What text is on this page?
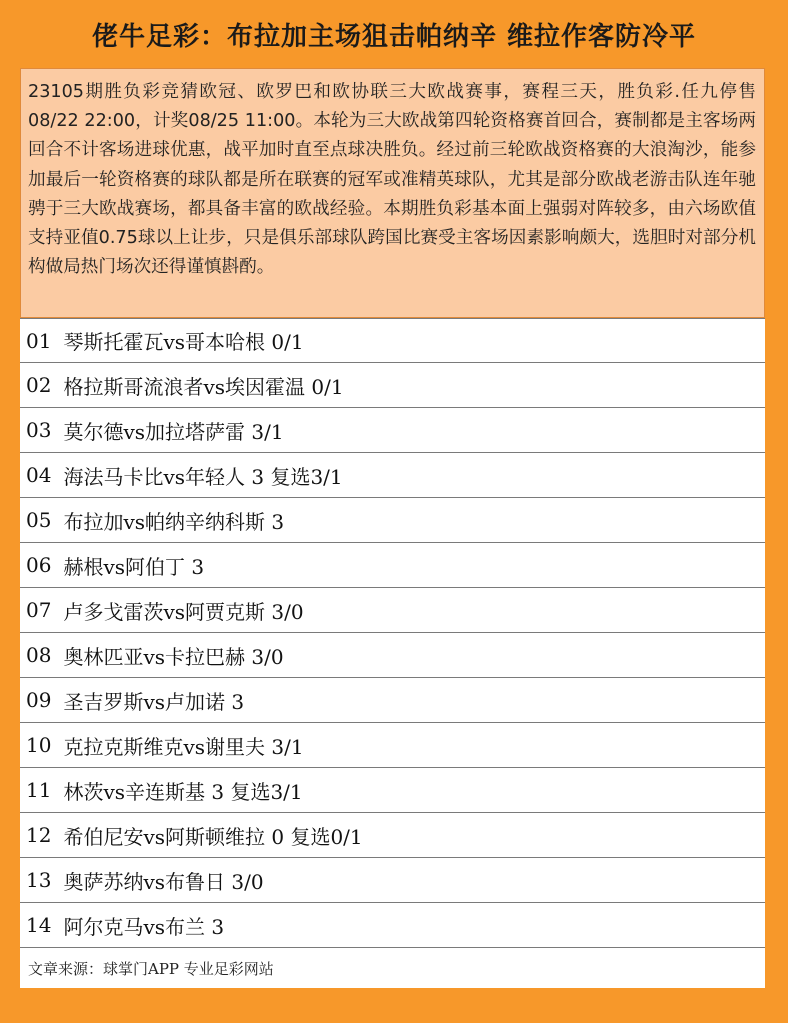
佬牛足彩：布拉加主场狙击帕纳辛 维拉作客防冷平
23105期胜负彩竞猜欧冠、欧罗巴和欧协联三大欧战赛事，赛程三天，胜负彩.任九停售08/22 22:00，计奖08/25 11:00。本轮为三大欧战第四轮资格赛首回合，赛制都是主客场两回合不计客场进球优惠，战平加时直至点球决胜负。经过前三轮欧战资格赛的大浪淘沙，能参加最后一轮资格赛的球队都是所在联赛的冠军或准精英球队，尤其是部分欧战老游击队连年驰骋于三大欧战赛场，都具备丰富的欧战经验。本期胜负彩基本面上强弱对阵较多，由六场欧值支持亚值0.75球以上让步，只是俱乐部球队跨国比赛受主客场因素影响颇大，选胆时对部分机构做局热门场次还得谨慎斟酌。
01 琴斯托霍瓦vs哥本哈根 0/1
02 格拉斯哥流浪者vs埃因霍温 0/1
03 莫尔德vs加拉塔萨雷 3/1
04 海法马卡比vs年轻人 3 复选3/1
05 布拉加vs帕纳辛纳科斯 3
06 赫根vs阿伯丁 3
07 卢多戈雷茨vs阿贾克斯 3/0
08 奥林匹亚vs卡拉巴赫 3/0
09 圣吉罗斯vs卢加诺 3
10 克拉克斯维克vs谢里夫 3/1
11 林茨vs辛连斯基 3 复选3/1
12 希伯尼安vs阿斯顿维拉 0 复选0/1
13 奥萨苏纳vs布鲁日 3/0
14 阿尔克马vs布兰 3
文章来源：球掌门APP 专业足彩网站
